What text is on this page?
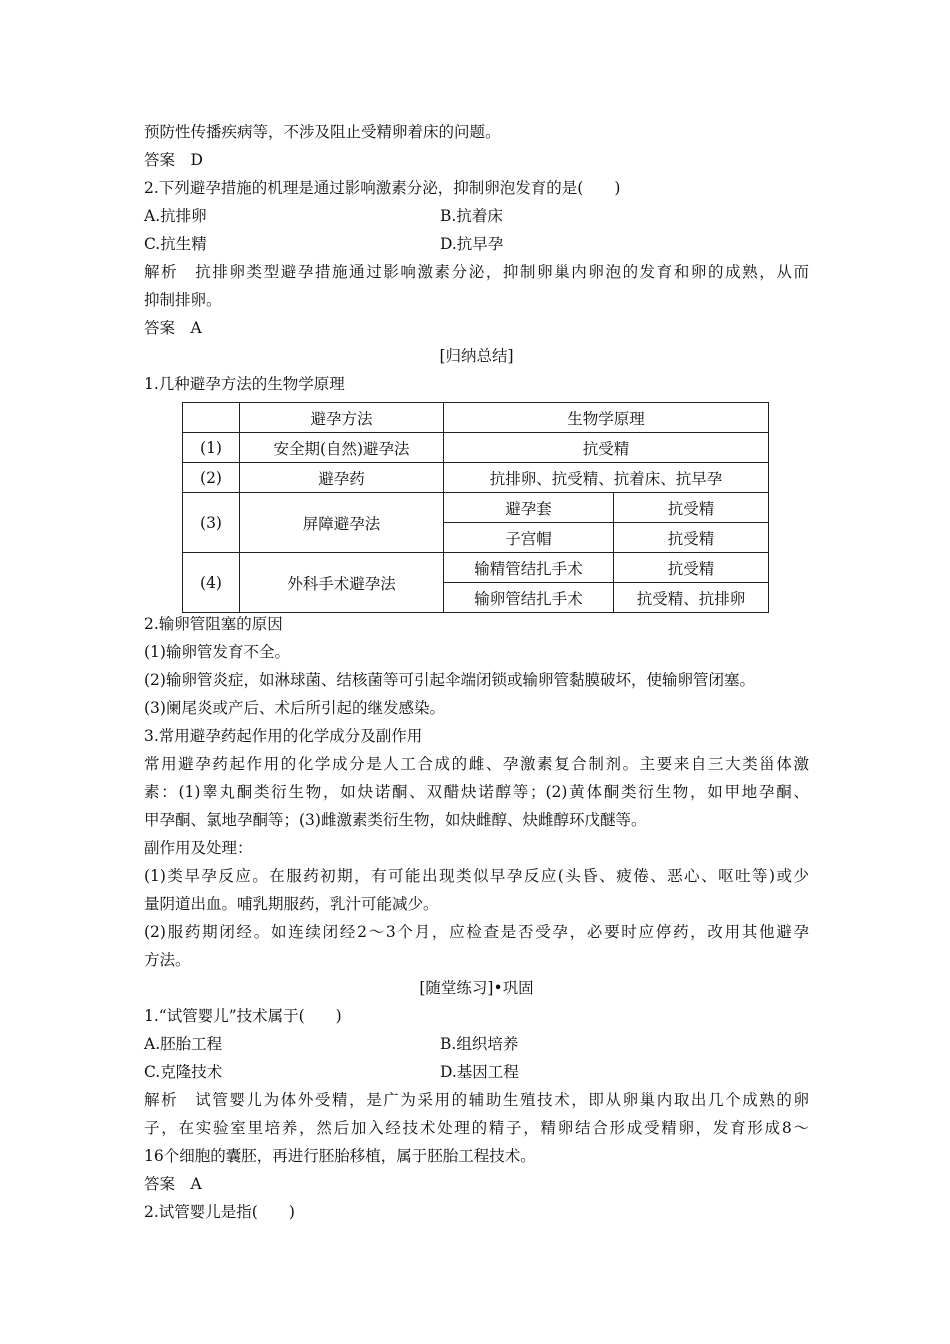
预防性传播疾病等，不涉及阻止受精卵着床的问题。
答案　D
2.下列避孕措施的机理是通过影响激素分泌，抑制卵泡发育的是(　　)
A.抗排卵	B.抗着床
C.抗生精	D.抗早孕
解析　抗排卵类型避孕措施通过影响激素分泌，抑制卵巢内卵泡的发育和卵的成熟，从而
抑制排卵。
答案　A
[归纳总结]
1.几种避孕方法的生物学原理
2.输卵管阻塞的原因
(1)输卵管发育不全。
(2)输卵管炎症，如淋球菌、结核菌等可引起伞端闭锁或输卵管黏膜破坏，使输卵管闭塞。
(3)阑尾炎或产后、术后所引起的继发感染。
3.常用避孕药起作用的化学成分及副作用
常用避孕药起作用的化学成分是人工合成的雌、孕激素复合制剂。主要来自三大类甾体激
素：(1)睾丸酮类衍生物，如炔诺酮、双醋炔诺醇等；(2)黄体酮类衍生物，如甲地孕酮、
甲孕酮、氯地孕酮等；(3)雌激素类衍生物，如炔雌醇、炔雌醇环戊醚等。
副作用及处理：
(1)类早孕反应。在服药初期，有可能出现类似早孕反应(头昏、疲倦、恶心、呕吐等)或少
量阴道出血。哺乳期服药，乳汁可能减少。
(2)服药期闭经。如连续闭经2～3个月，应检查是否受孕，必要时应停药，改用其他避孕
方法。
[随堂练习]•巩固
1.“试管婴儿”技术属于(　　)
A.胚胎工程	B.组织培养
C.克隆技术	D.基因工程
解析　试管婴儿为体外受精，是广为采用的辅助生殖技术，即从卵巢内取出几个成熟的卵
子，在实验室里培养，然后加入经技术处理的精子，精卵结合形成受精卵，发育形成8～
16个细胞的囊胚，再进行胚胎移植，属于胚胎工程技术。
答案　A
2.试管婴儿是指(　　)
	避孕方法	生物学原理	
(1)	安全期(自然)避孕法	抗受精	
(2)	避孕药	抗排卵、抗受精、抗着床、抗早孕	
(3)	屏障避孕法	避孕套	抗受精
		子宫帽	抗受精
(4)	外科手术避孕法	输精管结扎手术	抗受精
		输卵管结扎手术	抗受精、抗排卵
